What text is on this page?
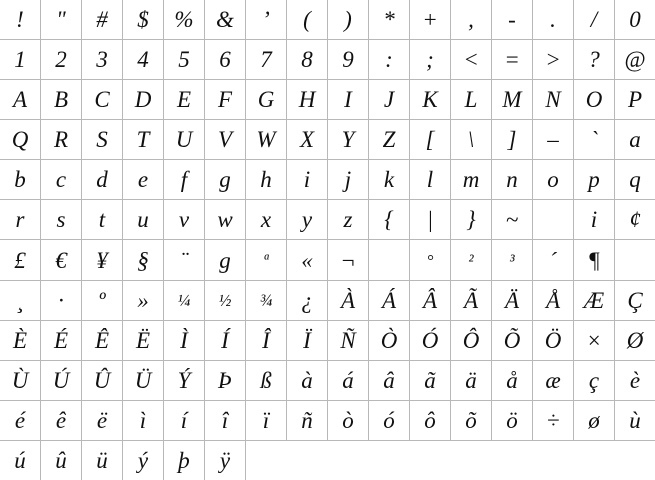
!	"	#	$	%	&	’	(	)	*	+	,	-	.	/	0
1	2	3	4	5	6	7	8	9	:	;	<	=	>	?	@
A	B	C	D	E	F	G	H	I	J	K	L	M	N	O	P
Q	R	S	T	U	V	W	X	Y	Z	[	\	]	–	`	a
b	c	d	e	f	g	h	i	j	k	l	m	n	o	p	q
r	s	t	u	v	w	x	y	z	{	|	}	~		i	¢
£	€	¥	§	¨	g	ª	«	¬		°	²	³	´	¶	
¸	·	º	»	¼	½	¾	¿	À	Á	Â	Ã	Ä	Å	Æ	Ç
È	É	Ê	Ë	Ì	Í	Î	Ï	Ñ	Ò	Ó	Ô	Õ	Ö	×	Ø
Ù	Ú	Û	Ü	Ý	Þ	ß	à	á	â	ã	ä	å	æ	ç	è
é	ê	ë	ì	í	î	ï	ñ	ò	ó	ô	õ	ö	÷	ø	ù
ú	û	ü	ý	þ	ÿ										
